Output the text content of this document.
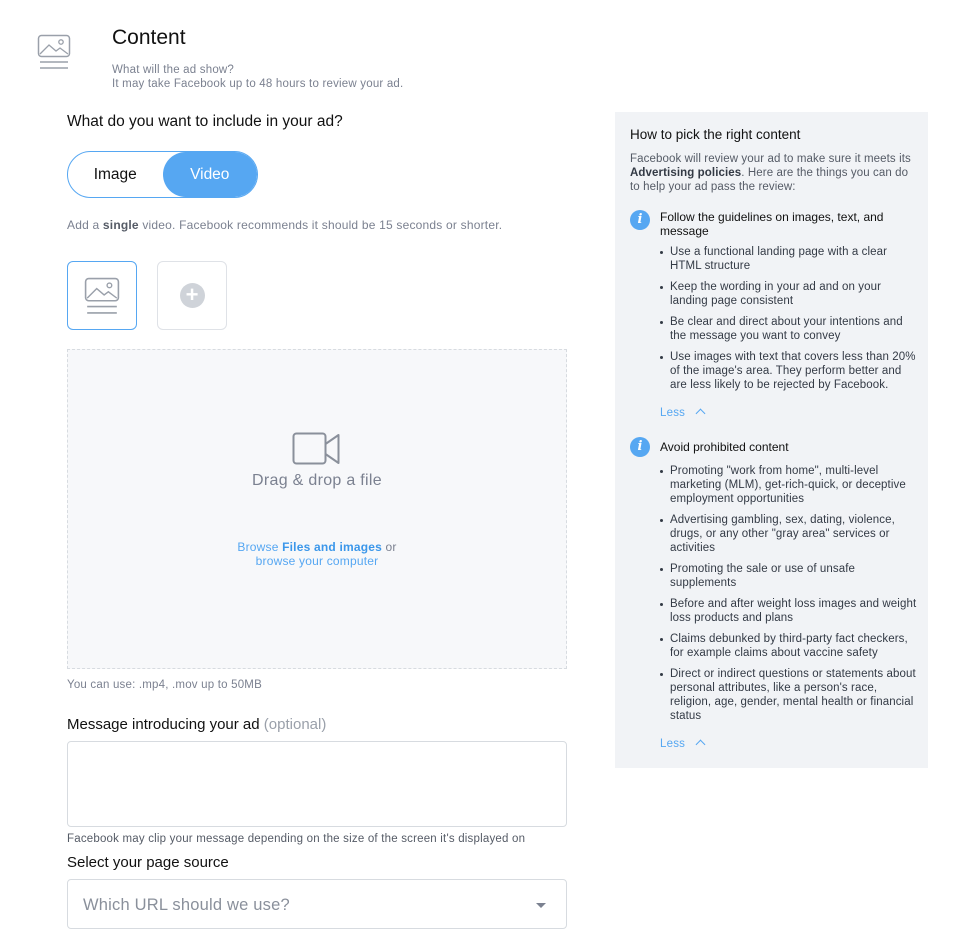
Content
What will the ad show?
It may take Facebook up to 48 hours to review your ad.
What do you want to include in your ad?
Image	Video
Add a single video. Facebook recommends it should be 15 seconds or shorter.
+
Drag & drop a file
Browse Files and images or
browse your computer
You can use: .mp4, .mov up to 50MB
Message introducing your ad (optional)
Facebook may clip your message depending on the size of the screen it's displayed on
Select your page source
Which URL should we use?
How to pick the right content
Facebook will review your ad to make sure it meets its Advertising policies. Here are the things you can do to help your ad pass the review:
i	Follow the guidelines on images, text, and message
Use a functional landing page with a clear HTML structure
Keep the wording in your ad and on your landing page consistent
Be clear and direct about your intentions and the message you want to convey
Use images with text that covers less than 20% of the image's area. They perform better and are less likely to be rejected by Facebook.
Less
i	Avoid prohibited content
Promoting "work from home", multi-level marketing (MLM), get-rich-quick, or deceptive employment opportunities
Advertising gambling, sex, dating, violence, drugs, or any other "gray area" services or activities
Promoting the sale or use of unsafe supplements
Before and after weight loss images and weight loss products and plans
Claims debunked by third-party fact checkers, for example claims about vaccine safety
Direct or indirect questions or statements about personal attributes, like a person's race, religion, age, gender, mental health or financial status
Less
